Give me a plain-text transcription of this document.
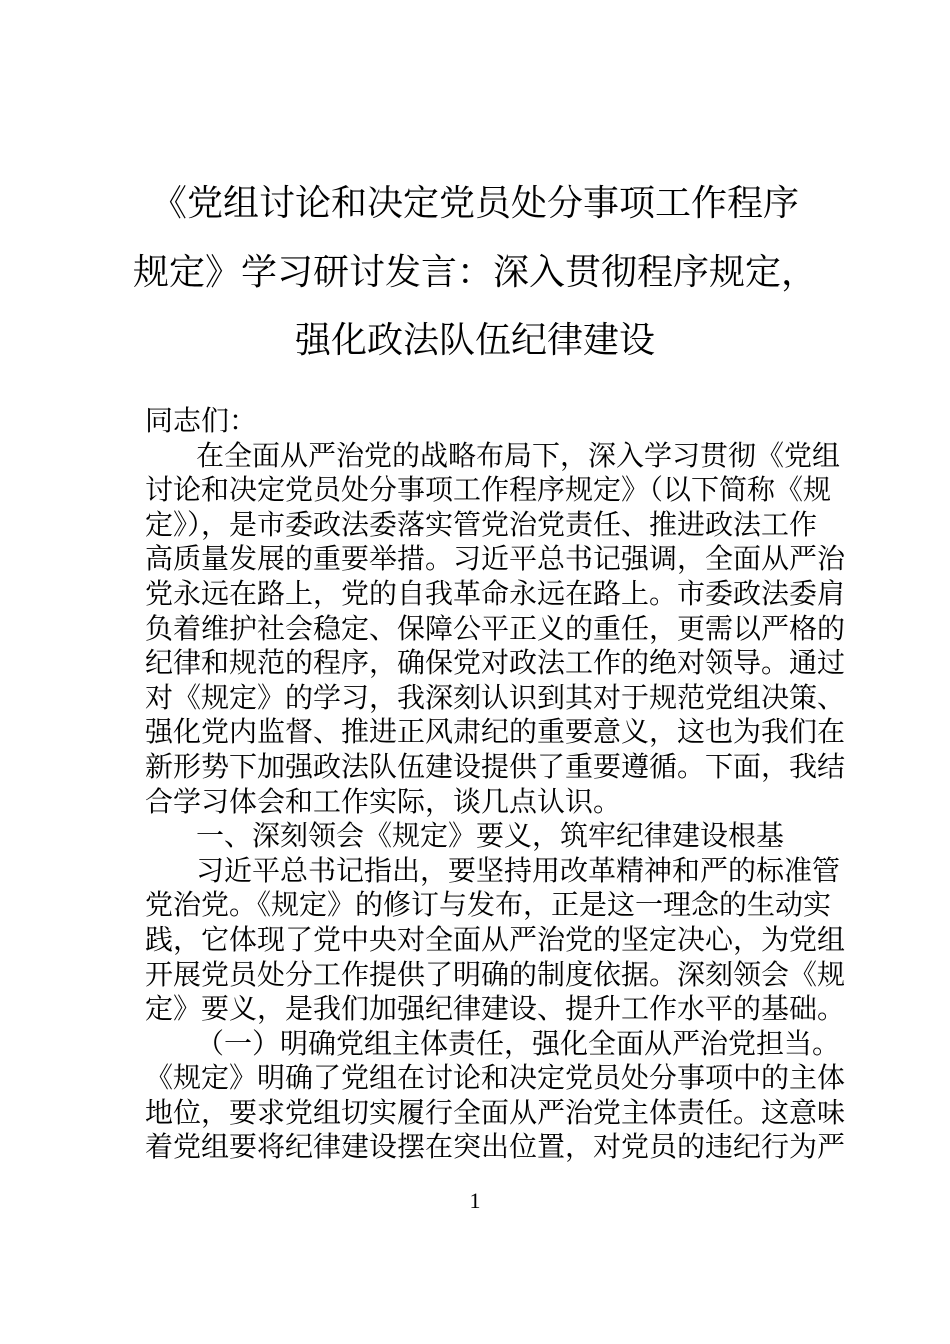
《党组讨论和决定党员处分事项工作程序
规定》学习研讨发言：深入贯彻程序规定，
强化政法队伍纪律建设
同志们：
在全面从严治党的战略布局下，深入学习贯彻《党组
讨论和决定党员处分事项工作程序规定》（以下简称《规
定》），是市委政法委落实管党治党责任、推进政法工作
高质量发展的重要举措。习近平总书记强调，全面从严治
党永远在路上，党的自我革命永远在路上。市委政法委肩
负着维护社会稳定、保障公平正义的重任，更需以严格的
纪律和规范的程序，确保党对政法工作的绝对领导。通过
对《规定》的学习，我深刻认识到其对于规范党组决策、
强化党内监督、推进正风肃纪的重要意义，这也为我们在
新形势下加强政法队伍建设提供了重要遵循。下面，我结
合学习体会和工作实际，谈几点认识。
一、深刻领会《规定》要义，筑牢纪律建设根基
习近平总书记指出，要坚持用改革精神和严的标准管
党治党。《规定》的修订与发布，正是这一理念的生动实
践，它体现了党中央对全面从严治党的坚定决心，为党组
开展党员处分工作提供了明确的制度依据。深刻领会《规
定》要义，是我们加强纪律建设、提升工作水平的基础。
（一）明确党组主体责任，强化全面从严治党担当。
《规定》明确了党组在讨论和决定党员处分事项中的主体
地位，要求党组切实履行全面从严治党主体责任。这意味
着党组要将纪律建设摆在突出位置，对党员的违纪行为严
1
